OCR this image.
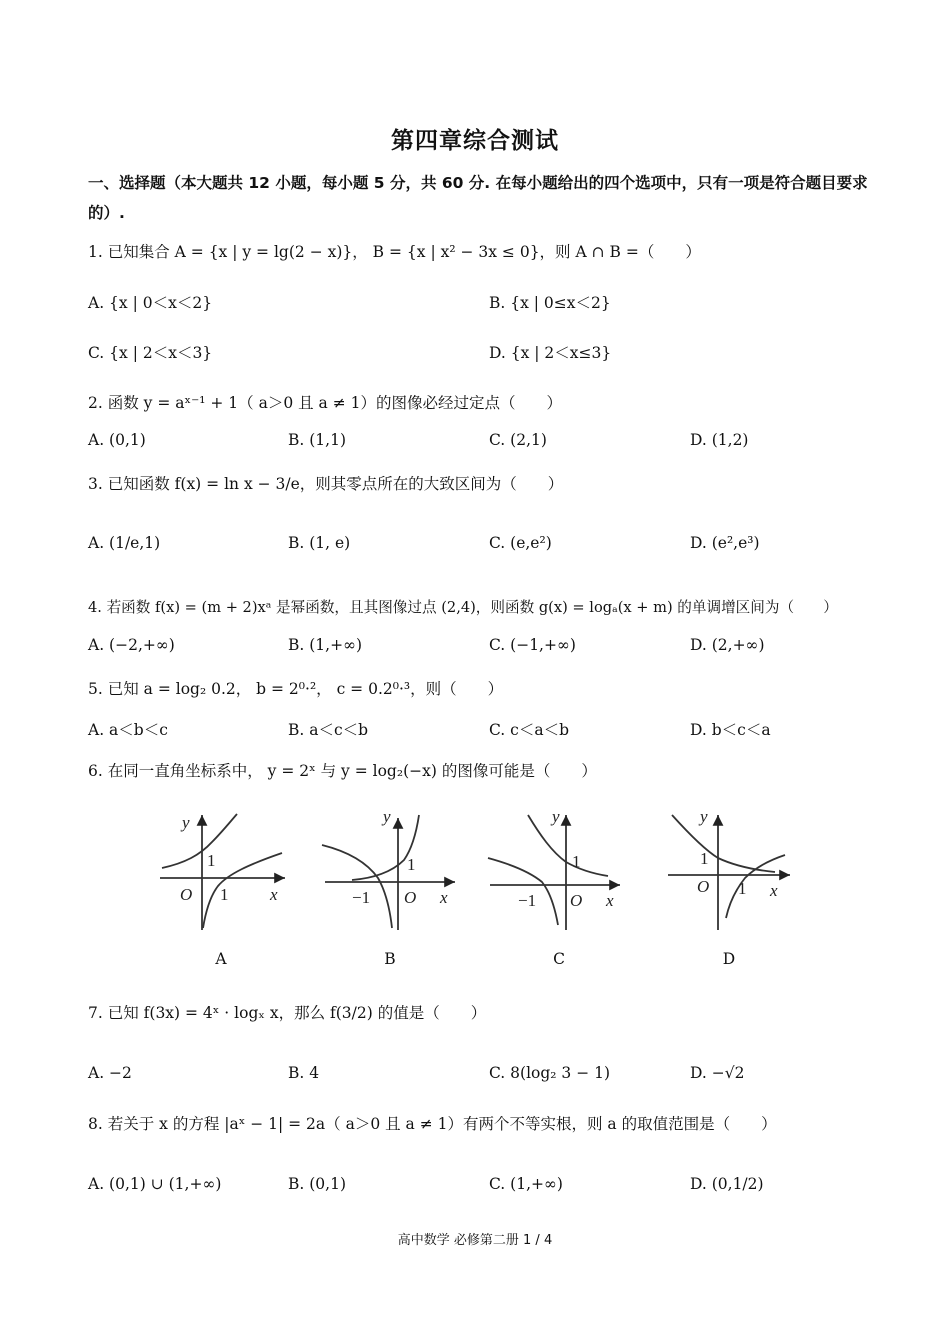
第四章综合测试
一、选择题（本大题共 12 小题，每小题 5 分，共 60 分. 在每小题给出的四个选项中，只有一项是符合题目要求的）.
1. 已知集合 A = {x | y = lg(2 − x)}， B = {x | x² − 3x ≤ 0}，则 A ∩ B =（　　）
A. {x | 0＜x＜2}	B. {x | 0≤x＜2}
C. {x | 2＜x＜3}	D. {x | 2＜x≤3}
2. 函数 y = aˣ⁻¹ + 1（ a＞0 且 a ≠ 1）的图像必经过定点（　　）
A. (0,1)	B. (1,1)	C. (2,1)	D. (1,2)
3. 已知函数 f(x) = ln x − 3/e，则其零点所在的大致区间为（　　）
A. (1/e,1)	B. (1, e)	C. (e,e²)	D. (e²,e³)
4. 若函数 f(x) = (m + 2)xᵃ 是幂函数，且其图像过点 (2,4)，则函数 g(x) = logₐ(x + m) 的单调增区间为（　　）
A. (−2,+∞)	B. (1,+∞)	C. (−1,+∞)	D. (2,+∞)
5. 已知 a = log₂ 0.2， b = 2⁰·²， c = 0.2⁰·³，则（　　）
A. a＜b＜c	B. a＜c＜b	C. c＜a＜b	D. b＜c＜a
6. 在同一直角坐标系中， y = 2ˣ 与 y = log₂(−x) 的图像可能是（　　）
y
x
O
1
1
y
x
O
1
−1
y
x
O
1
−1
y
x
O
1
1
A	B	C	D
7. 已知 f(3x) = 4ˣ · logₓ x，那么 f(3/2) 的值是（　　）
A. −2	B. 4	C. 8(log₂ 3 − 1)	D. −√2
8. 若关于 x 的方程 |aˣ − 1| = 2a（ a＞0 且 a ≠ 1）有两个不等实根，则 a 的取值范围是（　　）
A. (0,1) ∪ (1,+∞)	B. (0,1)	C. (1,+∞)	D. (0,1/2)
高中数学 必修第二册 1 / 4
